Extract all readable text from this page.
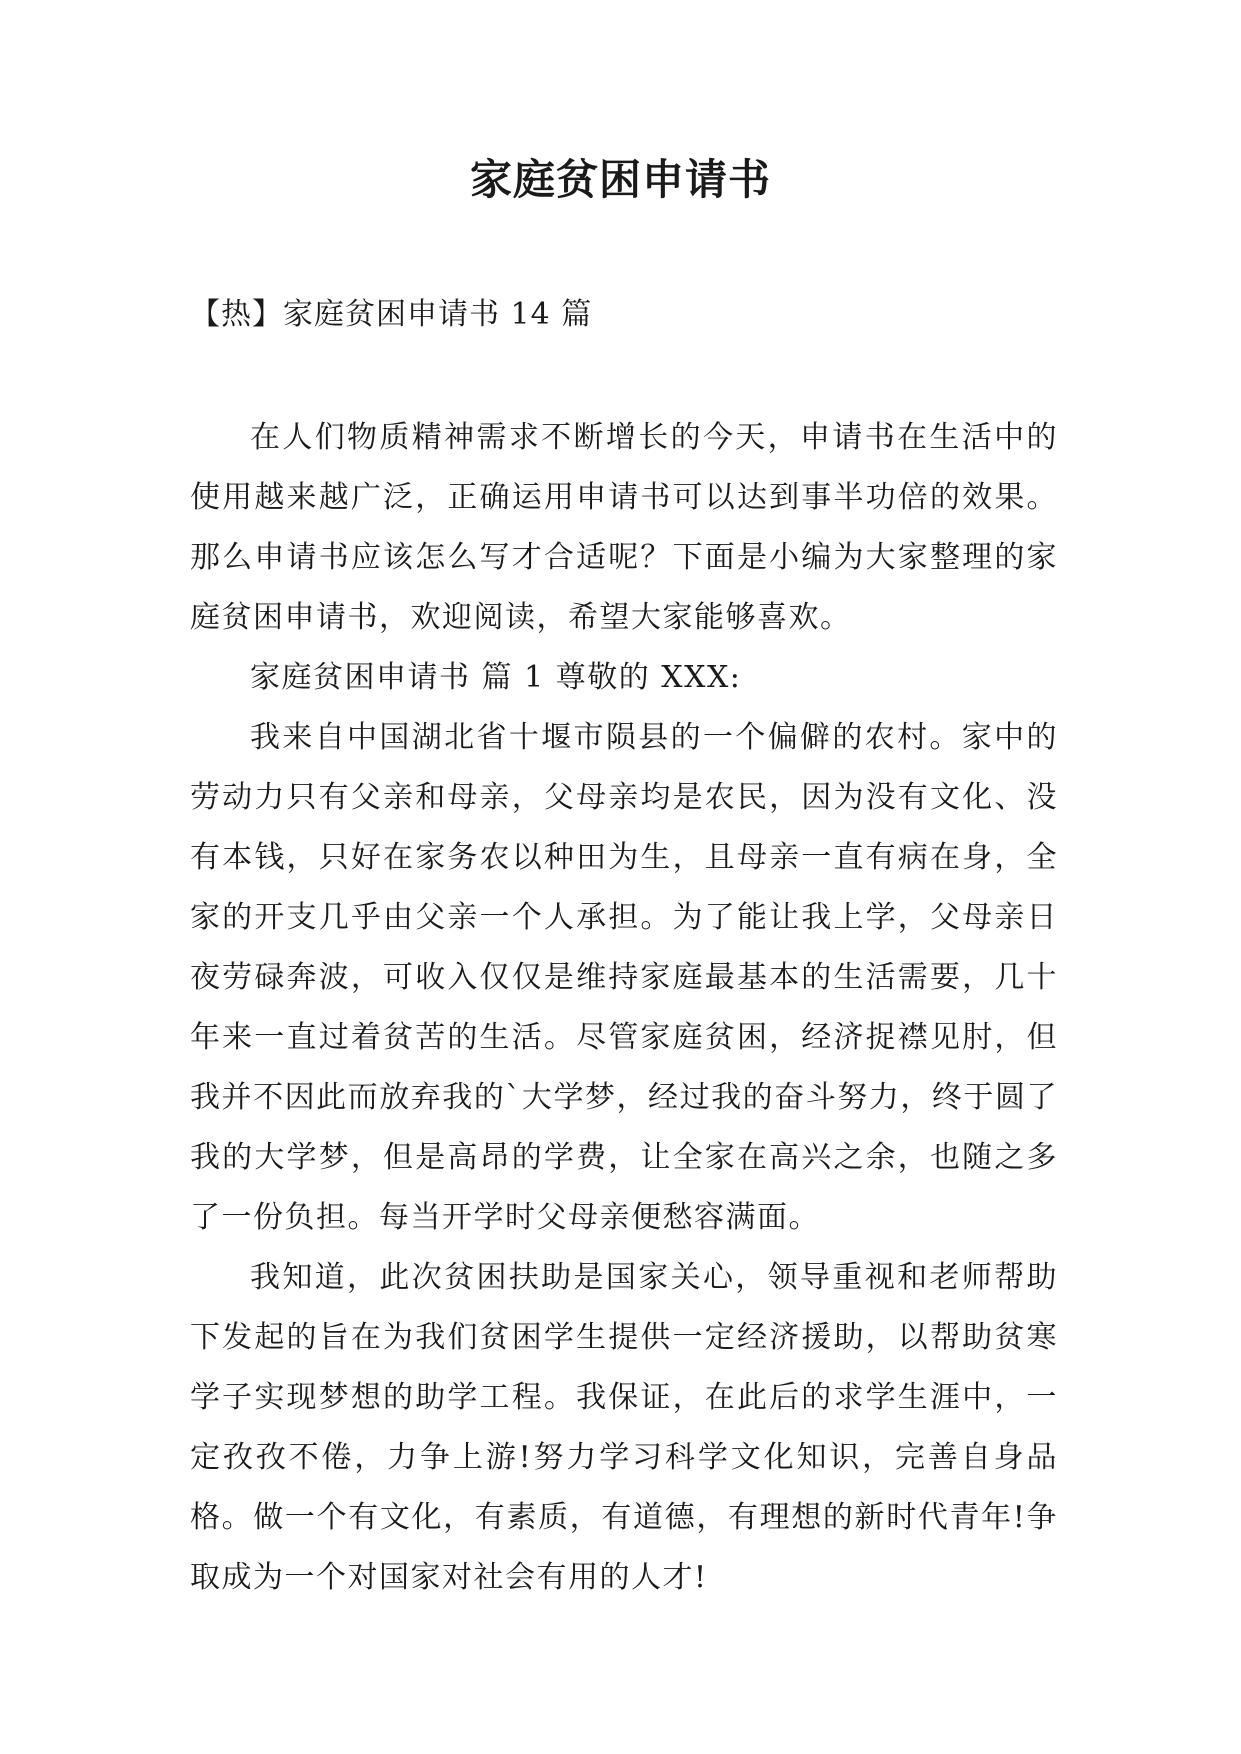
家庭贫困申请书
【热】家庭贫困申请书 14 篇

在人们物质精神需求不断增长的今天，申请书在生活中的使用越来越广泛，正确运用申请书可以达到事半功倍的效果。那么申请书应该怎么写才合适呢？下面是小编为大家整理的家庭贫困申请书，欢迎阅读，希望大家能够喜欢。

家庭贫困申请书 篇 1 尊敬的 XXX:

我来自中国湖北省十堰市陨县的一个偏僻的农村。家中的劳动力只有父亲和母亲，父母亲均是农民，因为没有文化、没有本钱，只好在家务农以种田为生，且母亲一直有病在身，全家的开支几乎由父亲一个人承担。为了能让我上学，父母亲日夜劳碌奔波，可收入仅仅是维持家庭最基本的生活需要，几十年来一直过着贫苦的生活。尽管家庭贫困，经济捉襟见肘，但我并不因此而放弃我的`大学梦，经过我的奋斗努力，终于圆了我的大学梦，但是高昂的学费，让全家在高兴之余，也随之多了一份负担。每当开学时父母亲便愁容满面。

我知道，此次贫困扶助是国家关心，领导重视和老师帮助下发起的旨在为我们贫困学生提供一定经济援助，以帮助贫寒学子实现梦想的助学工程。我保证，在此后的求学生涯中，一定孜孜不倦，力争上游!努力学习科学文化知识，完善自身品格。做一个有文化，有素质，有道德，有理想的新时代青年!争取成为一个对国家对社会有用的人才!
